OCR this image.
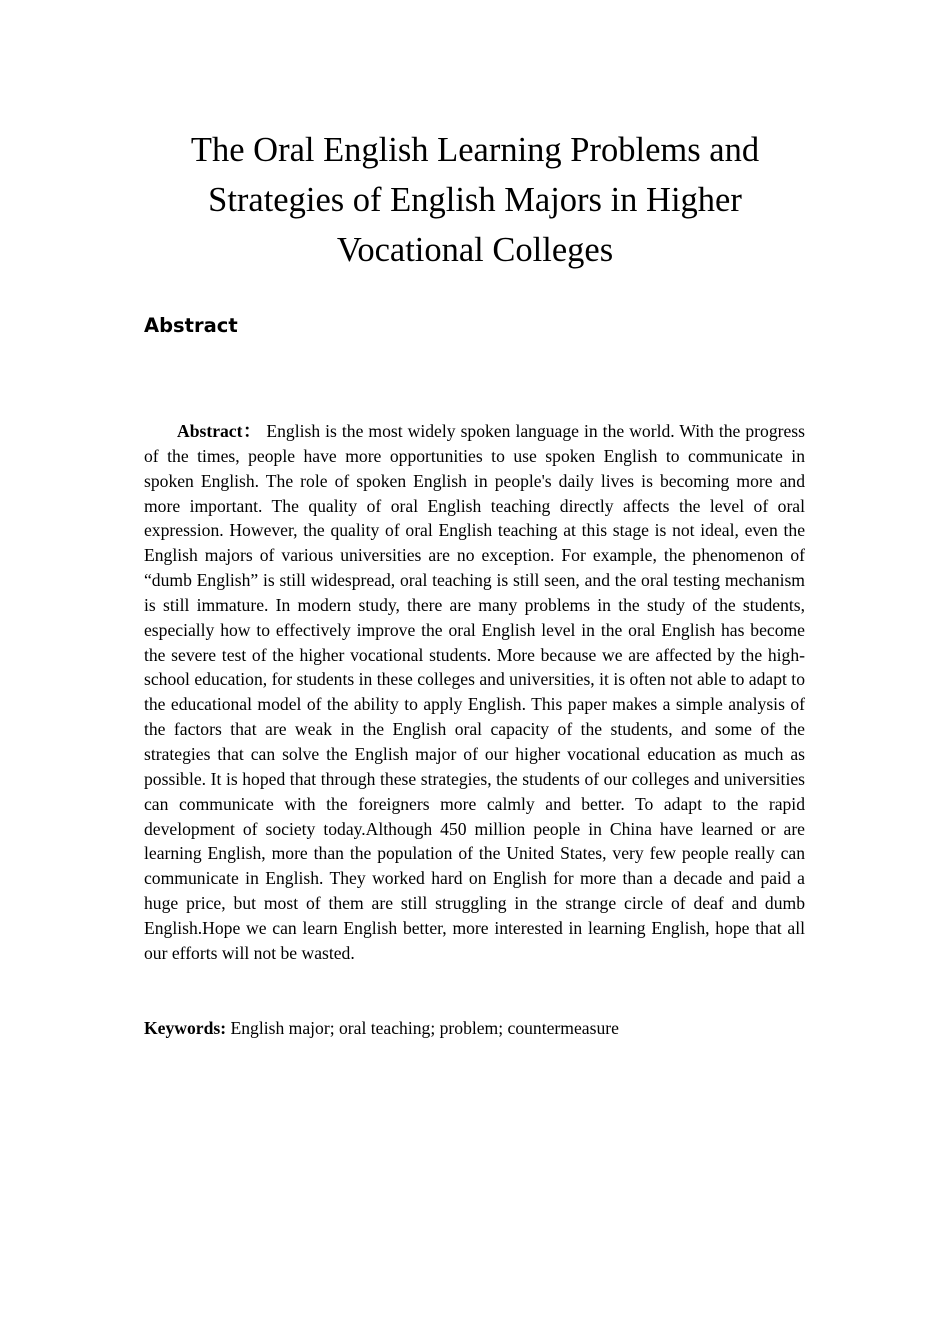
The Oral English Learning Problems and Strategies of English Majors in Higher Vocational Colleges
Abstract

Abstract： English is the most widely spoken language in the world. With the progress of the times, people have more opportunities to use spoken English to communicate in spoken English. The role of spoken English in people's daily lives is becoming more and more important. The quality of oral English teaching directly affects the level of oral expression. However, the quality of oral English teaching at this stage is not ideal, even the English majors of various universities are no exception. For example, the phenomenon of “dumb English” is still widespread, oral teaching is still seen, and the oral testing mechanism is still immature. In modern study, there are many problems in the study of the students, especially how to effectively improve the oral English level in the oral English has become the severe test of the higher vocational students. More because we are affected by the high-school education, for students in these colleges and universities, it is often not able to adapt to the educational model of the ability to apply English. This paper makes a simple analysis of the factors that are weak in the English oral capacity of the students, and some of the strategies that can solve the English major of our higher vocational education as much as possible. It is hoped that through these strategies, the students of our colleges and universities can communicate with the foreigners more calmly and better. To adapt to the rapid development of society today.Although 450 million people in China have learned or are learning English, more than the population of the United States, very few people really can communicate in English. They worked hard on English for more than a decade and paid a huge price, but most of them are still struggling in the strange circle of deaf and dumb English.Hope we can learn English better, more interested in learning English, hope that all our efforts will not be wasted.

Keywords: English major; oral teaching; problem; countermeasure
